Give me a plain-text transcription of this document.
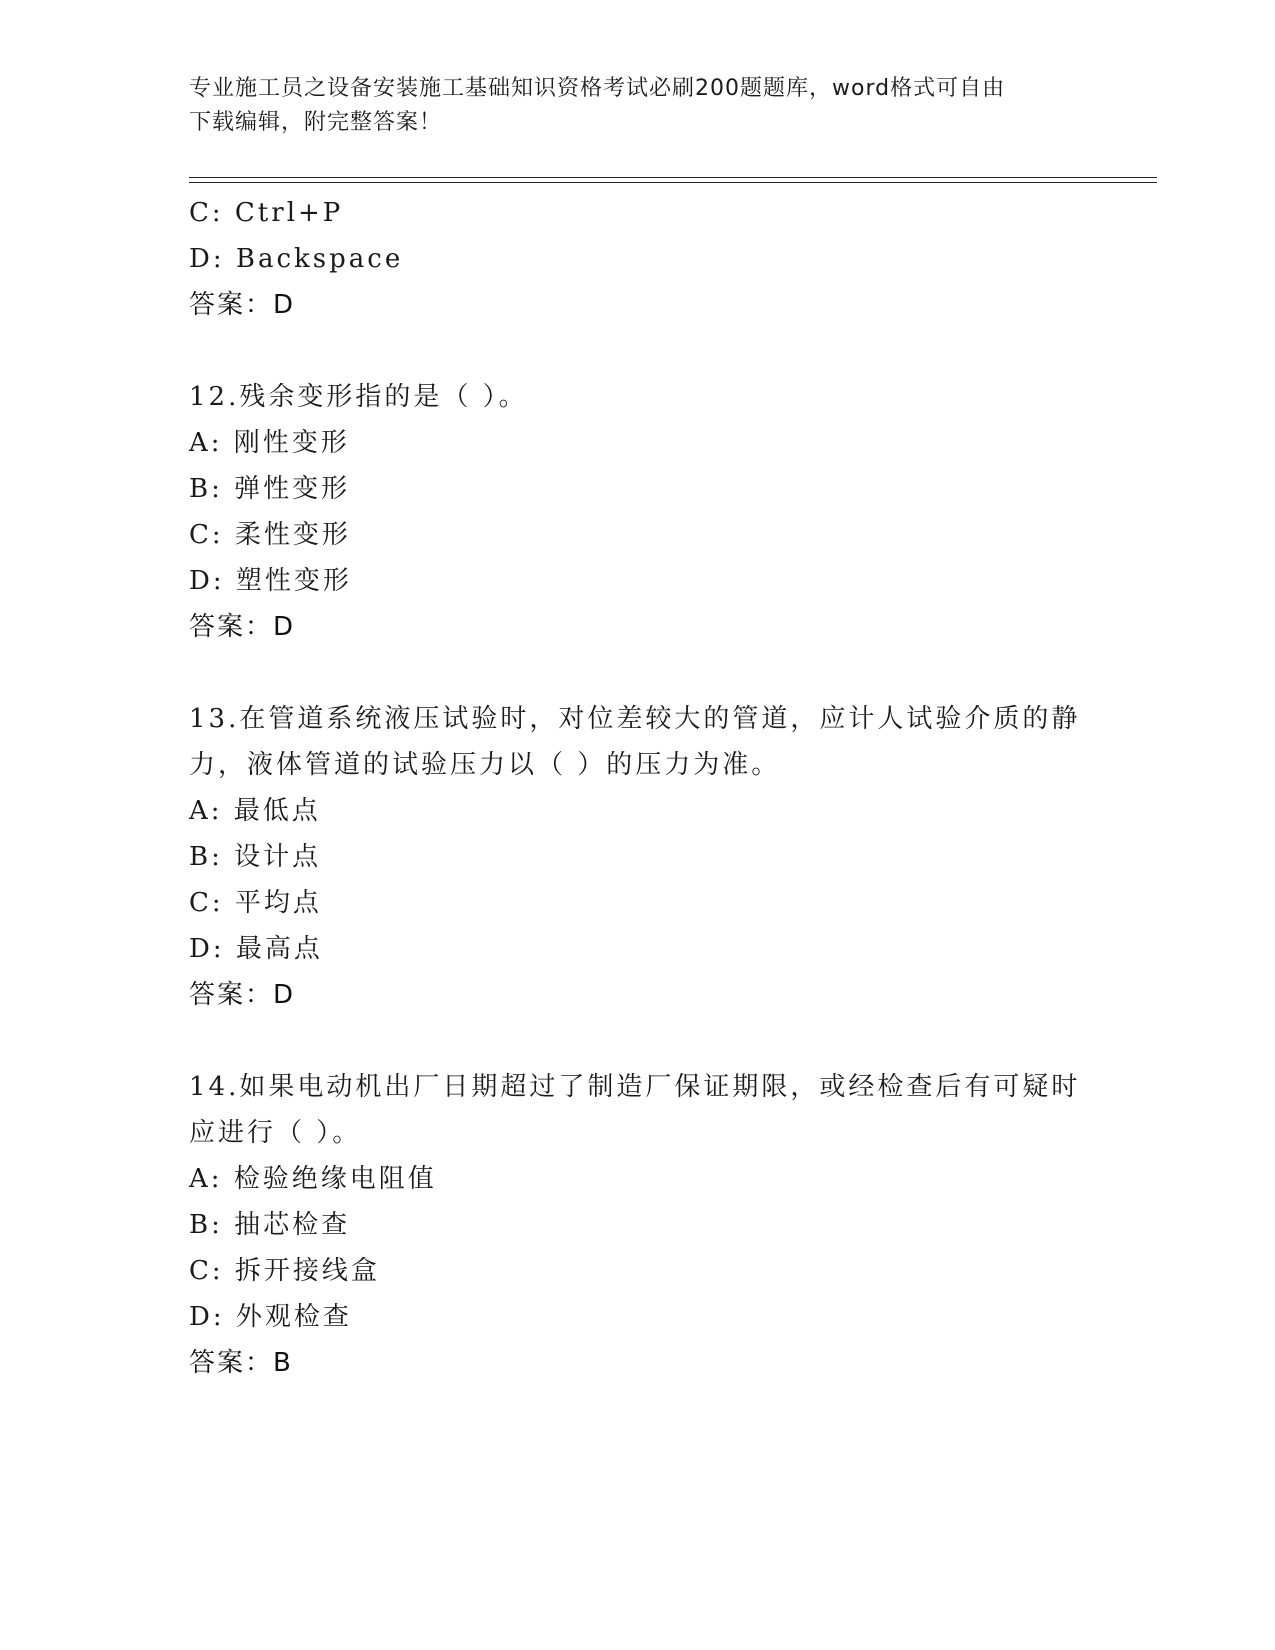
专业施工员之设备安装施工基础知识资格考试必刷200题题库，word格式可自由
下载编辑，附完整答案！
C: Ctrl+P
D: Backspace
答案：D
12.残余变形指的是（ ）。
A: 刚性变形
B: 弹性变形
C: 柔性变形
D: 塑性变形
答案：D
13.在管道系统液压试验时，对位差较大的管道，应计人试验介质的静
力，液体管道的试验压力以（ ）的压力为准。
A: 最低点
B: 设计点
C: 平均点
D: 最高点
答案：D
14.如果电动机出厂日期超过了制造厂保证期限，或经检查后有可疑时
应进行（ ）。
A: 检验绝缘电阻值
B: 抽芯检查
C: 拆开接线盒
D: 外观检查
答案：B
